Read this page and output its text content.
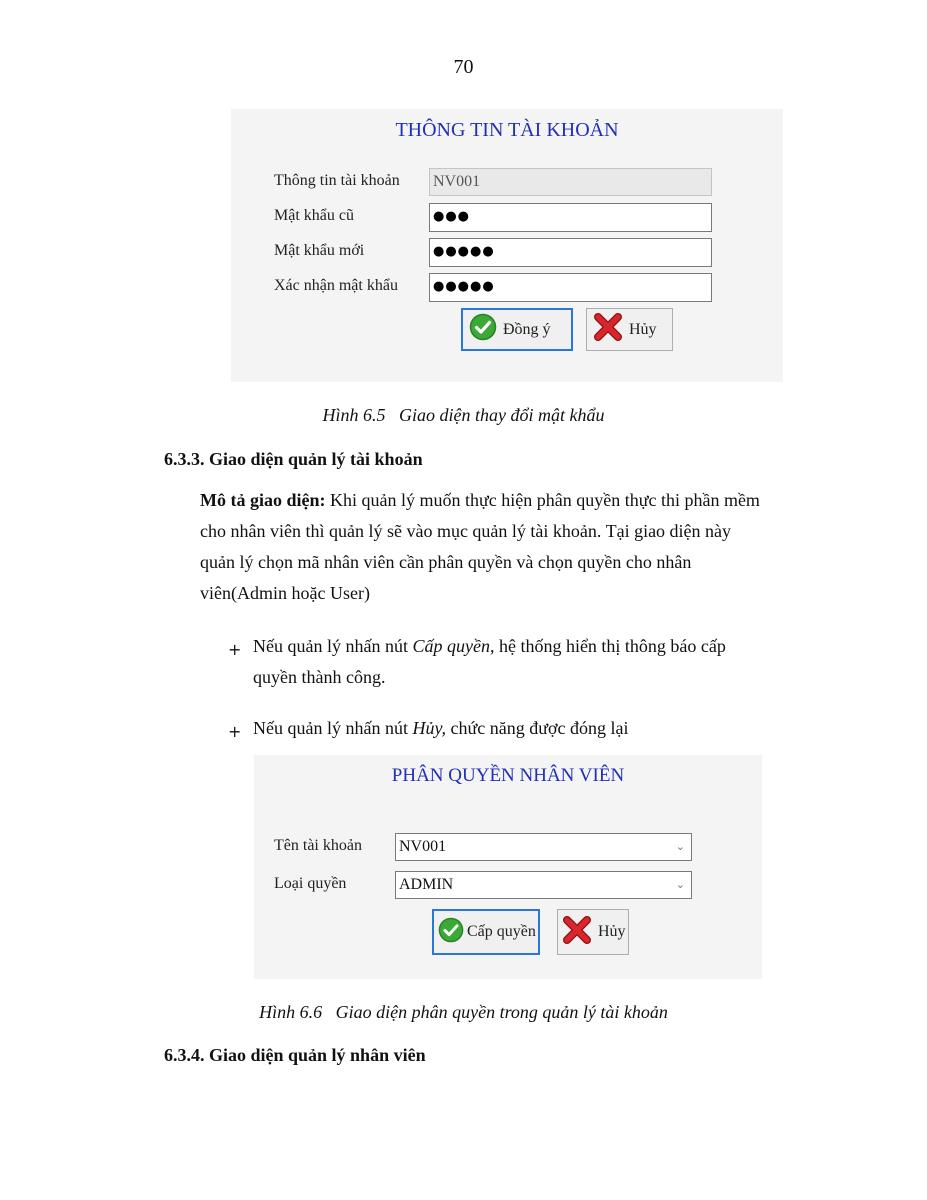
70
THÔNG TIN TÀI KHOẢN
Thông tin tài khoản NV001
Mật khẩu cũ	●●●
Mật khẩu mới	●●●●●
Xác nhận mật khẩu	●●●●●
Đồng ý	Hủy
Hình 6.5 Giao diện thay đổi mật khẩu
6.3.3. Giao diện quản lý tài khoản
Mô tả giao diện: Khi quản lý muốn thực hiện phân quyền thực thi phần mềm
cho nhân viên thì quản lý sẽ vào mục quản lý tài khoản. Tại giao diện này
quản lý chọn mã nhân viên cần phân quyền và chọn quyền cho nhân
viên(Admin hoặc User)
+ Nếu quản lý nhấn nút Cấp quyền, hệ thống hiển thị thông báo cấp
quyền thành công.
+ Nếu quản lý nhấn nút Hủy, chức năng được đóng lại
PHÂN QUYỀN NHÂN VIÊN
Tên tài khoản NV001	⌄
Loại quyền	ADMIN	⌄
Cấp quyền	Hủy
Hình 6.6 Giao diện phân quyền trong quản lý tài khoản
6.3.4. Giao diện quản lý nhân viên
